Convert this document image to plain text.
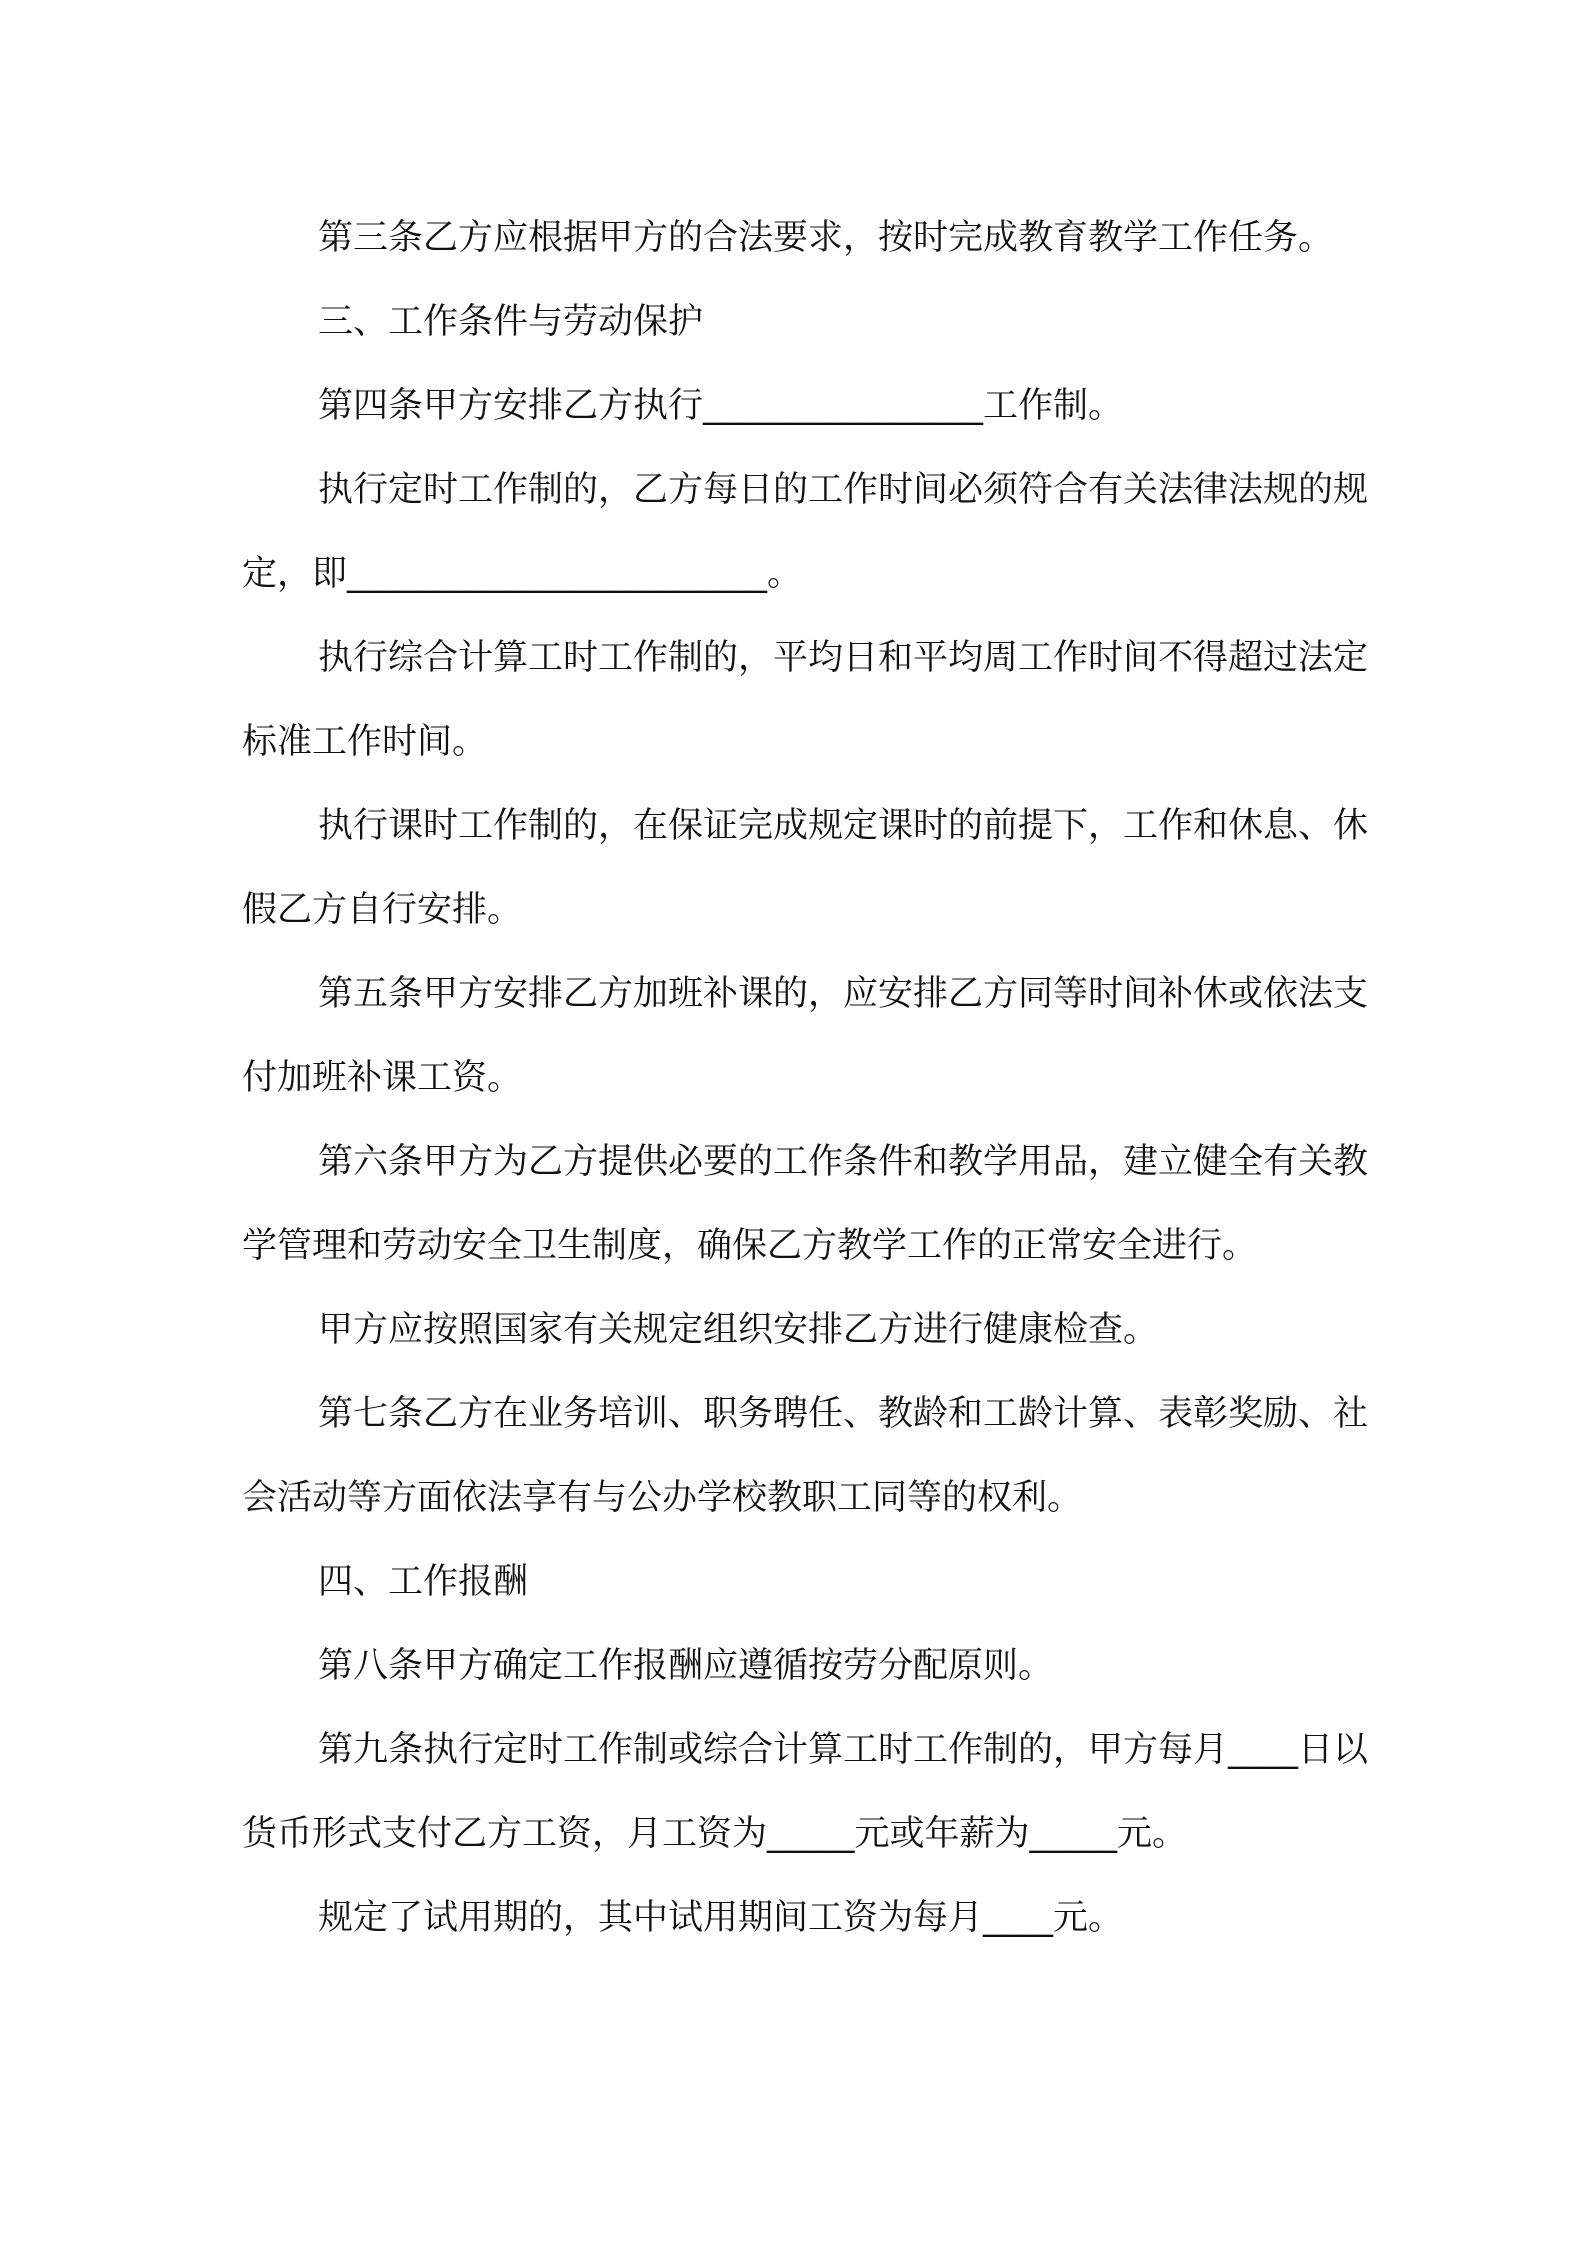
第三条乙方应根据甲方的合法要求，按时完成教育教学工作任务。

三、工作条件与劳动保护

第四条甲方安排乙方执行________________工作制。

执行定时工作制的，乙方每日的工作时间必须符合有关法律法规的规定，即________________________。

执行综合计算工时工作制的，平均日和平均周工作时间不得超过法定标准工作时间。

执行课时工作制的，在保证完成规定课时的前提下，工作和休息、休假乙方自行安排。

第五条甲方安排乙方加班补课的，应安排乙方同等时间补休或依法支付加班补课工资。

第六条甲方为乙方提供必要的工作条件和教学用品，建立健全有关教学管理和劳动安全卫生制度，确保乙方教学工作的正常安全进行。

甲方应按照国家有关规定组织安排乙方进行健康检查。

第七条乙方在业务培训、职务聘任、教龄和工龄计算、表彰奖励、社会活动等方面依法享有与公办学校教职工同等的权利。

四、工作报酬

第八条甲方确定工作报酬应遵循按劳分配原则。

第九条执行定时工作制或综合计算工时工作制的，甲方每月____日以货币形式支付乙方工资，月工资为_____元或年薪为_____元。

规定了试用期的，其中试用期间工资为每月____元。
